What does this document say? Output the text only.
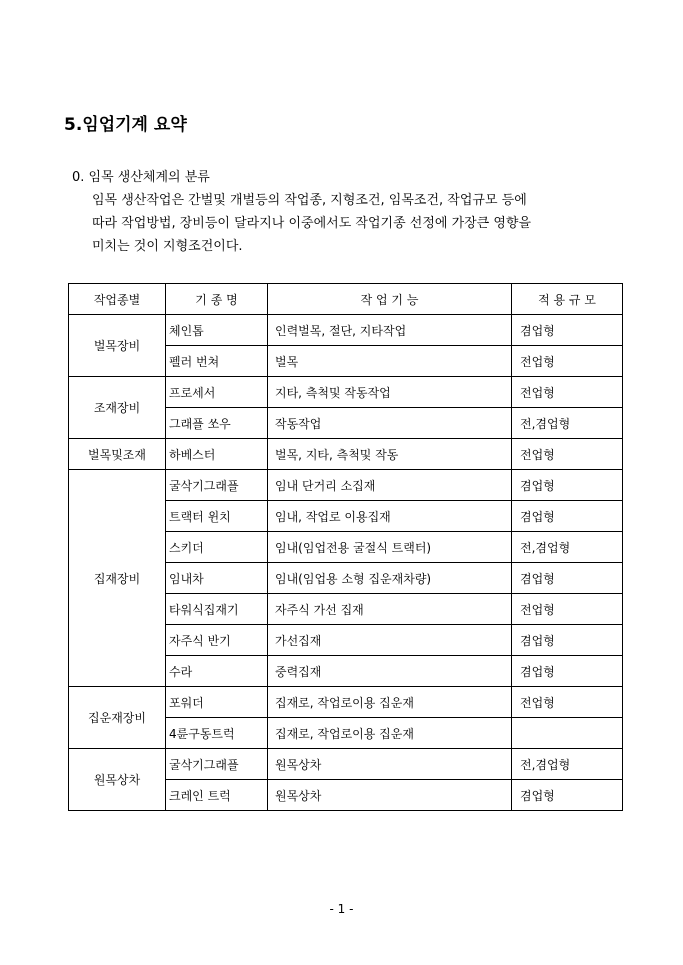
5.임업기계 요약
0. 임목 생산체계의 분류
임목 생산작업은 간벌및 개벌등의 작업종, 지형조건, 임목조건, 작업규모 등에
따라 작업방법, 장비등이 달라지나 이중에서도 작업기종 선정에 가장큰 영향을
미치는 것이 지형조건이다.
작업종별	기 종 명	작 업 기 능	적 용 규 모
벌목장비	체인톱	인력벌목, 절단, 지타작업	겸업형
	펠러 번쳐	벌목	전업형
조재장비	프로세서	지타, 측척및 작동작업	전업형
	그래플 쏘우	작동작업	전,겸업형
벌목및조재	하베스터	벌목, 지타, 측척및 작동	전업형
집재장비	굴삭기그래플	임내 단거리 소집재	겸업형
	트랙터 윈치	임내, 작업로 이용집재	겸업형
	스키더	임내(임업전용 굴절식 트랙터)	전,겸업형
	임내차	임내(임업용 소형 집운재차량)	겸업형
	타워식집재기	자주식 가선 집재	전업형
	자주식 반기	가선집재	겸업형
	수라	중력집재	겸업형
집운재장비	포워더	집재로, 작업로이용 집운재	전업형
	4륜구동트럭	집재로, 작업로이용 집운재	
원목상차	굴삭기그래플	원목상차	전,겸업형
	크레인 트럭	원목상차	겸업형
- 1 -
